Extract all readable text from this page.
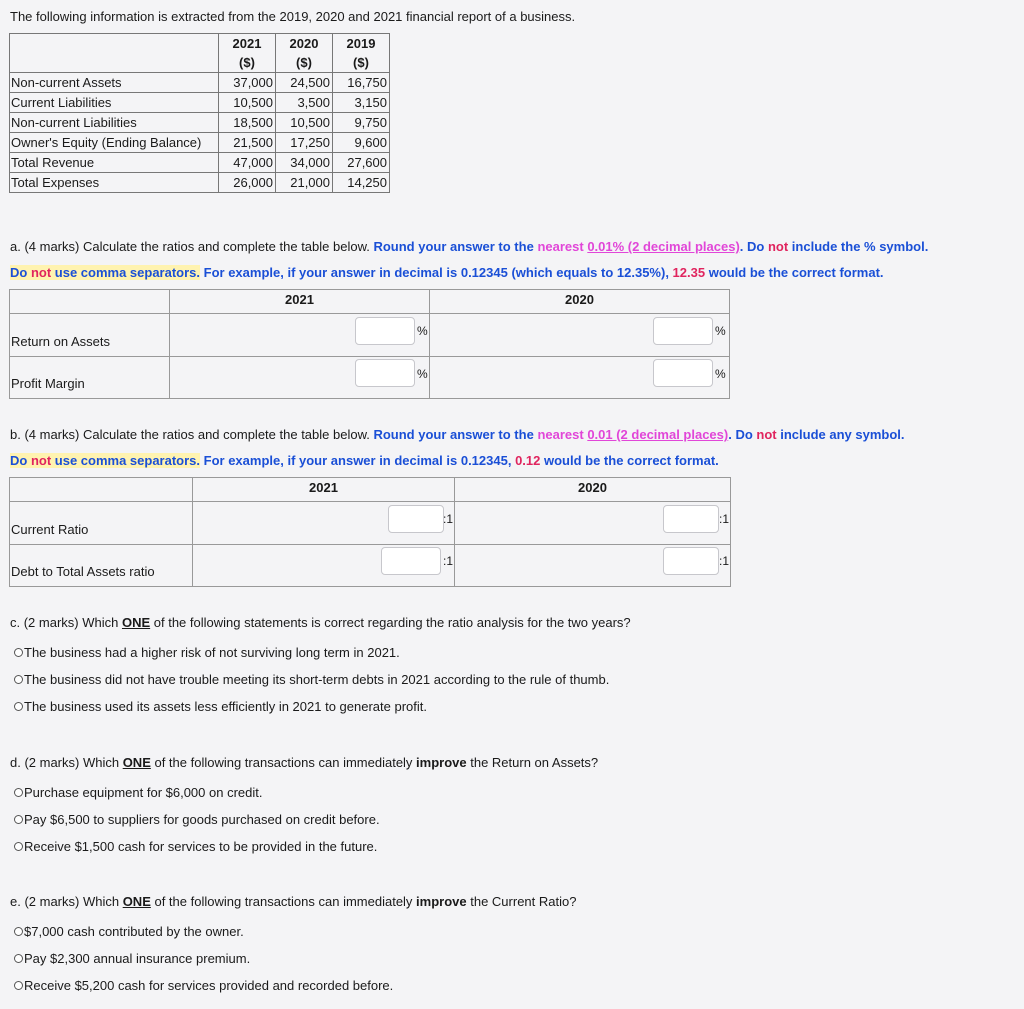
The following information is extracted from the 2019, 2020 and 2021 financial report of a business.
	2021	2020	2019
	($)	($)	($)
Non-current Assets	37,000	24,500	16,750
Current Liabilities	10,500	3,500	3,150
Non-current Liabilities	18,500	10,500	9,750
Owner's Equity (Ending Balance)	21,500	17,250	9,600
Total Revenue	47,000	34,000	27,600
Total Expenses	26,000	21,000	14,250
a. (4 marks) Calculate the ratios and complete the table below. Round your answer to the nearest 0.01% (2 decimal places). Do not include the % symbol.
Do not use comma separators. For example, if your answer in decimal is 0.12345 (which equals to 12.35%), 12.35 would be the correct format.
2021	2020
Return on Assets
%	%
Profit Margin
%	%
b. (4 marks) Calculate the ratios and complete the table below. Round your answer to the nearest 0.01 (2 decimal places). Do not include any symbol.
Do not use comma separators. For example, if your answer in decimal is 0.12345, 0.12 would be the correct format.
2021	2020
Current Ratio
:1	:1
Debt to Total Assets ratio
:1	:1
c. (2 marks) Which ONE of the following statements is correct regarding the ratio analysis for the two years?
The business had a higher risk of not surviving long term in 2021.
The business did not have trouble meeting its short-term debts in 2021 according to the rule of thumb.
The business used its assets less efficiently in 2021 to generate profit.
d. (2 marks) Which ONE of the following transactions can immediately improve the Return on Assets?
Purchase equipment for $6,000 on credit.
Pay $6,500 to suppliers for goods purchased on credit before.
Receive $1,500 cash for services to be provided in the future.
e. (2 marks) Which ONE of the following transactions can immediately improve the Current Ratio?
$7,000 cash contributed by the owner.
Pay $2,300 annual insurance premium.
Receive $5,200 cash for services provided and recorded before.
